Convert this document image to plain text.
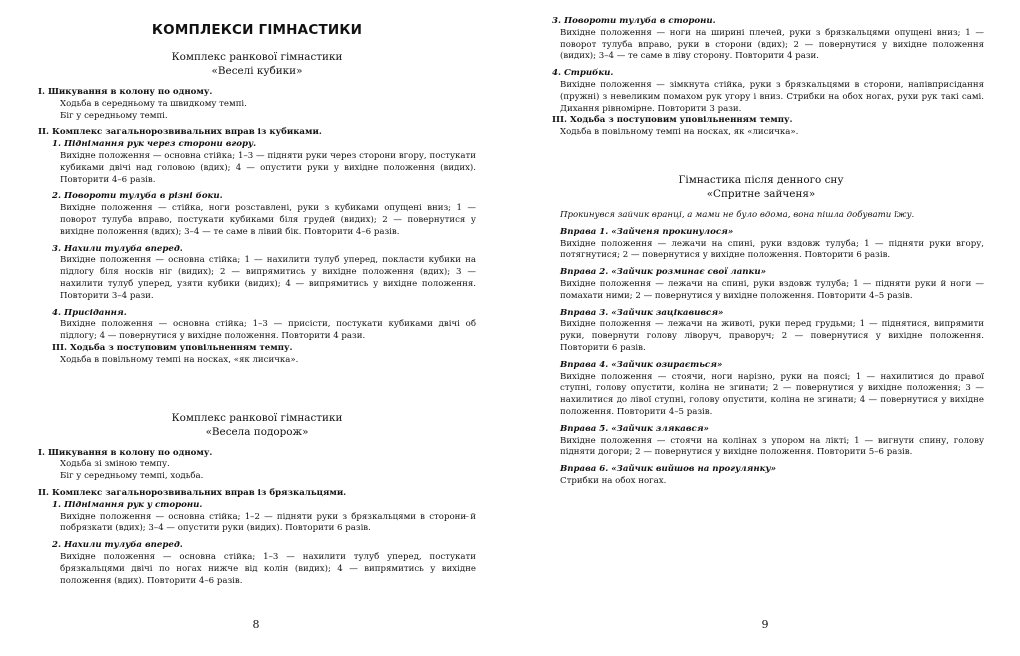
КОМПЛЕКСИ ГІМНАСТИКИ

Комплекс ранкової гімнастики

«Веселі кубики»

I. Шикування в колону по одному.

Ходьба в середньому та швидкому темпі.

Біг у середньому темпі.

II. Комплекс загальнорозвивальних вправ із кубиками.

1. Піднімання рук через сторони вгору.

Вихідне положення — основна стійка; 1–3 — підняти руки через сторони вгору, постукати кубиками двічі над головою (вдих); 4 — опустити руки у вихідне положення (видих). Повторити 4–6 разів.

2. Повороти тулуба в різні боки.

Вихідне положення — стійка, ноги розставлені, руки з кубиками опущені вниз; 1 — поворот тулуба вправо, постукати кубиками біля грудей (видих); 2 — повернутися у вихідне положення (вдих); 3–4 — те саме в лівий бік. Повторити 4–6 разів.

3. Нахили тулуба вперед.

Вихідне положення — основна стійка; 1 — нахилити тулуб уперед, покласти кубики на підлогу біля носків ніг (видих); 2 — випрямитись у вихідне положення (вдих); 3 — нахилити тулуб уперед, узяти кубики (видих); 4 — випрямитись у вихідне положення. Повторити 3–4 рази.

4. Присідання.

Вихідне положення — основна стійка; 1–3 — присісти, постукати кубиками двічі об підлогу; 4 — повернутися у вихідне положення. Повторити 4 рази.

III. Ходьба з поступовим уповільненням темпу.

Ходьба в повільному темпі на носках, «як лисичка».

Комплекс ранкової гімнастики

«Весела подорож»

I. Шикування в колону по одному.

Ходьба зі зміною темпу.

Біг у середньому темпі, ходьба.

II. Комплекс загальнорозвивальних вправ із брязкальцями.

1. Піднімання рук у сторони.

Вихідне положення — основна стійка; 1–2 — підняти руки з брязкальцями в сторони ̶й побрязкати (вдих); 3–4 — опустити руки (видих). Повторити 6 разів.

2. Нахили тулуба вперед.

Вихідне положення — основна стійка; 1–3 — нахилити тулуб уперед, постукати брязкальцями двічі по ногах нижче від колін (видих); 4 — випрямитись у вихідне положення (вдих). Повторити 4–6 разів.

8

3. Повороти тулуба в сторони.

Вихідне положення — ноги на ширині плечей, руки з брязкальцями опущені вниз; 1 — поворот тулуба вправо, руки в сторони (вдих); 2 — повернутися у вихідне положення (видих); 3–4 — те саме в ліву сторону. Повторити 4 рази.

4. Стрибки.

Вихідне положення — зімкнута стійка, руки з брязкальцями в сторони, напівприсідання (пружні) з невеликим помахом рук угору і вниз. Стрибки на обох ногах, рухи рук такі самі. Дихання рівномірне. Повторити 3 рази.

III. Ходьба з поступовим уповільненням темпу.

Ходьба в повільному темпі на носках, як «лисичка».

Гімнастика після денного сну

«Спритне зайченя»

Прокинувся зайчик вранці, а мами не було вдома, вона пішла добувати їжу.

Вправа 1. «Зайченя прокинулося»

Вихідне положення — лежачи на спині, руки вздовж тулуба; 1 — підняти руки вгору, потягнутися; 2 — повернутися у вихідне положення. Повторити 6 разів.

Вправа 2. «Зайчик розминає свої лапки»

Вихідне положення — лежачи на спині, руки вздовж тулуба; 1 — підняти руки й ноги — помахати ними; 2 — повернутися у вихідне положення. Повторити 4–5 разів.

Вправа 3. «Зайчик зацікавився»

Вихідне положення — лежачи на животі, руки перед грудьми; 1 — піднятися, випрямити руки, повернути голову ліворуч, праворуч; 2 — повернутися у вихідне положення. Повторити 6 разів.

Вправа 4. «Зайчик озирається»

Вихідне положення — стоячи, ноги нарізно, руки на поясі; 1 — нахилитися до правої ступні, голову опустити, коліна не згинати; 2 — повернутися у вихідне положення; 3 — нахилитися до лівої ступні, голову опустити, коліна не згинати; 4 — повернутися у вихідне положення. Повторити 4–5 разів.

Вправа 5. «Зайчик злякався»

Вихідне положення — стоячи на колінах з упором на лікті; 1 — вигнути спину, голову підняти догори; 2 — повернутися у вихідне положення. Повторити 5–6 разів.

Вправа 6. «Зайчик вийшов на прогулянку»

Стрибки на обох ногах.

9
